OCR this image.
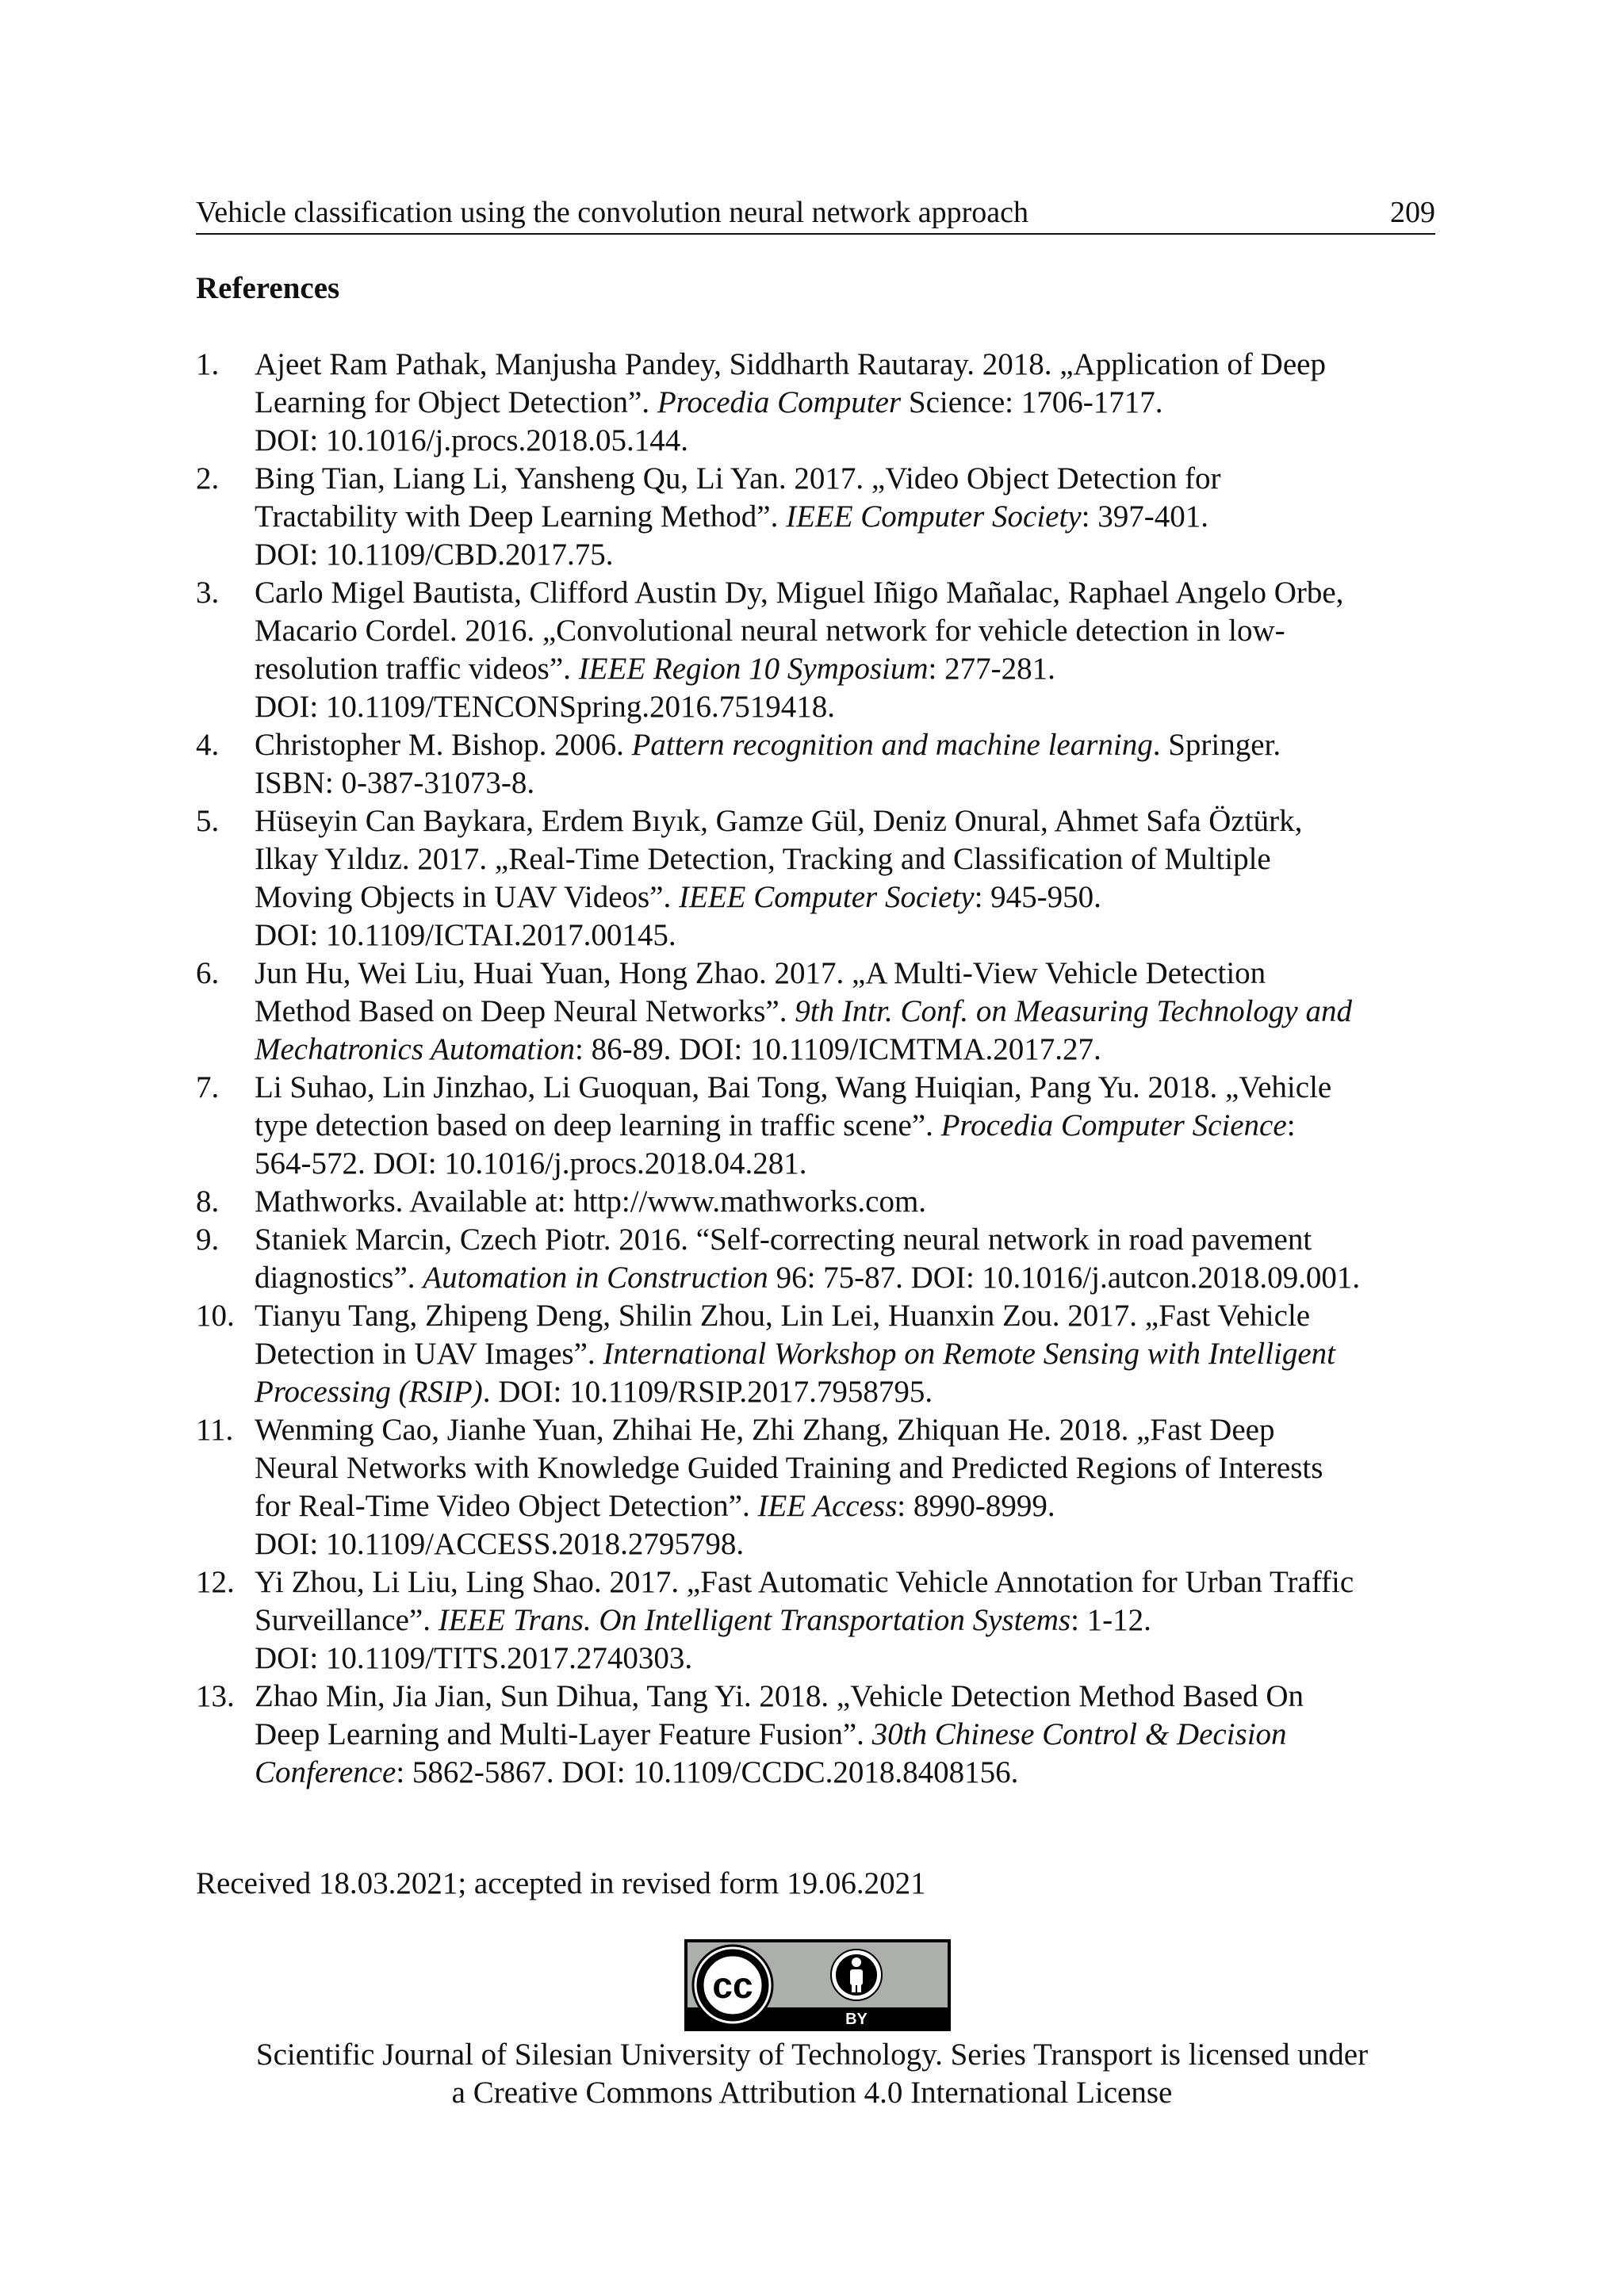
Vehicle classification using the convolution neural network approach	209
References
1.	Ajeet Ram Pathak, Manjusha Pandey, Siddharth Rautaray. 2018. „Application of Deep
Learning for Object Detection”. Procedia Computer Science: 1706-1717.
DOI: 10.1016/j.procs.2018.05.144.
2.	Bing Tian, Liang Li, Yansheng Qu, Li Yan. 2017. „Video Object Detection for
Tractability with Deep Learning Method”. IEEE Computer Society: 397-401.
DOI: 10.1109/CBD.2017.75.
3.	Carlo Migel Bautista, Clifford Austin Dy, Miguel Iñigo Mañalac, Raphael Angelo Orbe,
Macario Cordel. 2016. „Convolutional neural network for vehicle detection in low-
resolution traffic videos”. IEEE Region 10 Symposium: 277-281.
DOI: 10.1109/TENCONSpring.2016.7519418.
4.	Christopher M. Bishop. 2006. Pattern recognition and machine learning. Springer.
ISBN: 0-387-31073-8.
5.	Hüseyin Can Baykara, Erdem Bıyık, Gamze Gül, Deniz Onural, Ahmet Safa Öztürk,
Ilkay Yıldız. 2017. „Real-Time Detection, Tracking and Classification of Multiple
Moving Objects in UAV Videos”. IEEE Computer Society: 945-950.
DOI: 10.1109/ICTAI.2017.00145.
6.	Jun Hu, Wei Liu, Huai Yuan, Hong Zhao. 2017. „A Multi-View Vehicle Detection
Method Based on Deep Neural Networks”. 9th Intr. Conf. on Measuring Technology and
Mechatronics Automation: 86-89. DOI: 10.1109/ICMTMA.2017.27.
7.	Li Suhao, Lin Jinzhao, Li Guoquan, Bai Tong, Wang Huiqian, Pang Yu. 2018. „Vehicle
type detection based on deep learning in traffic scene”. Procedia Computer Science:
564-572. DOI: 10.1016/j.procs.2018.04.281.
8.	Mathworks. Available at: http://www.mathworks.com.
9.	Staniek Marcin, Czech Piotr. 2016. “Self-correcting neural network in road pavement
diagnostics”. Automation in Construction 96: 75-87. DOI: 10.1016/j.autcon.2018.09.001.
10. Tianyu Tang, Zhipeng Deng, Shilin Zhou, Lin Lei, Huanxin Zou. 2017. „Fast Vehicle
Detection in UAV Images”. International Workshop on Remote Sensing with Intelligent
Processing (RSIP). DOI: 10.1109/RSIP.2017.7958795.
11. Wenming Cao, Jianhe Yuan, Zhihai He, Zhi Zhang, Zhiquan He. 2018. „Fast Deep
Neural Networks with Knowledge Guided Training and Predicted Regions of Interests
for Real-Time Video Object Detection”. IEE Access: 8990-8999.
DOI: 10.1109/ACCESS.2018.2795798.
12. Yi Zhou, Li Liu, Ling Shao. 2017. „Fast Automatic Vehicle Annotation for Urban Traffic
Surveillance”. IEEE Trans. On Intelligent Transportation Systems: 1-12.
DOI: 10.1109/TITS.2017.2740303.
13. Zhao Min, Jia Jian, Sun Dihua, Tang Yi. 2018. „Vehicle Detection Method Based On
Deep Learning and Multi-Layer Feature Fusion”. 30th Chinese Control & Decision
Conference: 5862-5867. DOI: 10.1109/CCDC.2018.8408156.
Received 18.03.2021; accepted in revised form 19.06.2021
cc
BY
Scientific Journal of Silesian University of Technology. Series Transport is licensed under
a Creative Commons Attribution 4.0 International License
